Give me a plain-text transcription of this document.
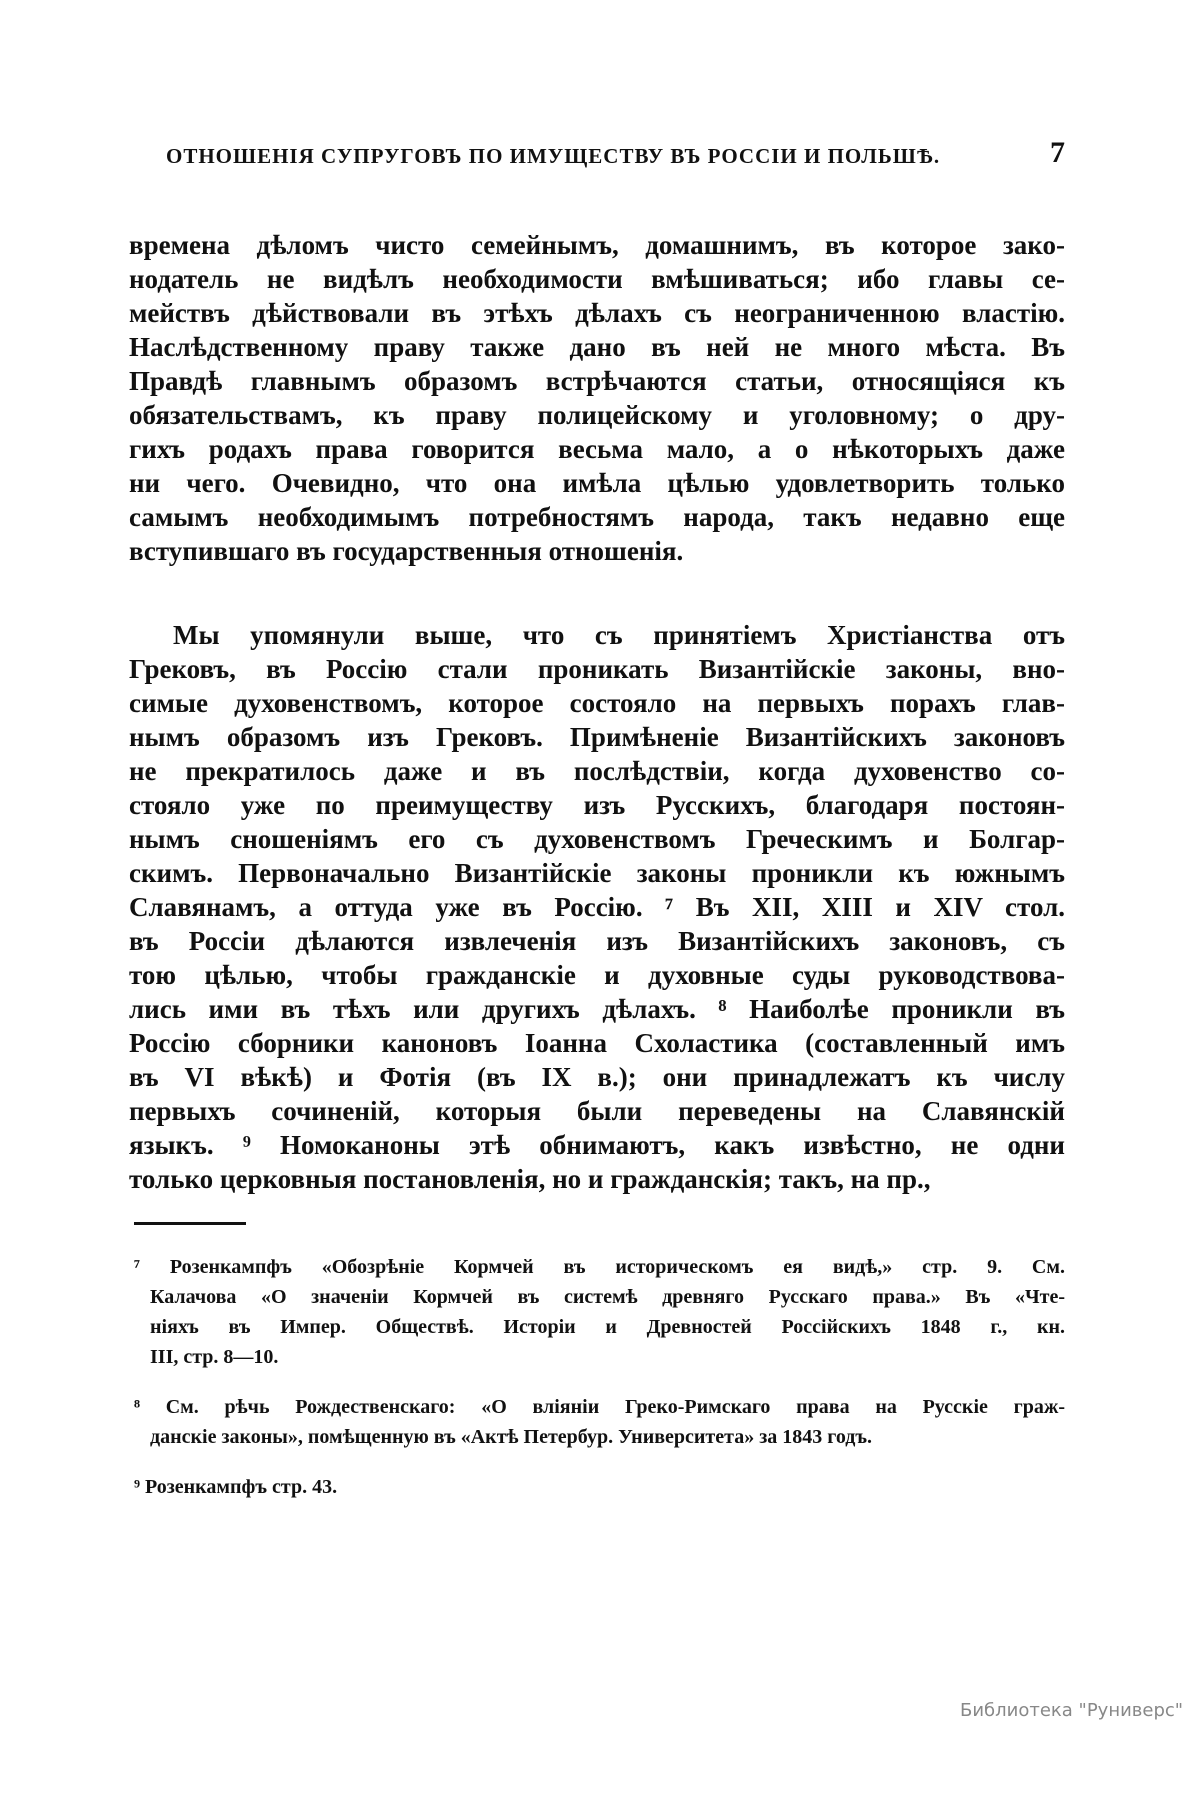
ОТНОШЕНІЯ СУПРУГОВЪ ПО ИМУЩЕСТВУ ВЪ РОССІИ И ПОЛЬШѢ.	7
времена дѣломъ чисто семейнымъ, домашнимъ, въ которое зако-
нодатель не видѣлъ необходимости вмѣшиваться; ибо главы се-
мействъ дѣйствовали въ этѣхъ дѣлахъ съ неограниченною властію.
Наслѣдственному праву также дано въ ней не много мѣста. Въ
Правдѣ главнымъ образомъ встрѣчаются статьи, относящіяся къ
обязательствамъ, къ праву полицейскому и уголовному; о дру-
гихъ родахъ права говорится весьма мало, а о нѣкоторыхъ даже
ни чего. Очевидно, что она имѣла цѣлью удовлетворить только
самымъ необходимымъ потребностямъ народа, такъ недавно еще
вступившаго въ государственныя отношенія.
Мы упомянули выше, что съ принятіемъ Христіанства отъ
Грековъ, въ Россію стали проникать Византійскіе законы, вно-
симые духовенствомъ, которое состояло на первыхъ порахъ глав-
нымъ образомъ изъ Грековъ. Примѣненіе Византійскихъ законовъ
не прекратилось даже и въ послѣдствіи, когда духовенство со-
стояло уже по преимуществу изъ Русскихъ, благодаря постоян-
нымъ сношеніямъ его съ духовенствомъ Греческимъ и Болгар-
скимъ. Первоначально Византійскіе законы проникли къ южнымъ
Славянамъ, а оттуда уже въ Россію. ⁷ Въ XII, XIII и XIV стол.
въ Россіи дѣлаются извлеченія изъ Византійскихъ законовъ, съ
тою цѣлью, чтобы гражданскіе и духовные суды руководствова-
лись ими въ тѣхъ или другихъ дѣлахъ. ⁸ Наиболѣе проникли въ
Россію сборники каноновъ Іоанна Схоластика (составленный имъ
въ VI вѣкѣ) и Фотія (въ IX в.); они принадлежатъ къ числу
первыхъ сочиненій, которыя были переведены на Славянскій
языкъ. ⁹ Номоканоны этѣ обнимаютъ, какъ извѣстно, не одни
только церковныя постановленія, но и гражданскія; такъ, на пр.,
⁷ Розенкампфъ «Обозрѣніе Кормчей въ историческомъ ея видѣ,» стр. 9. См.
Калачова «О значеніи Кормчей въ системѣ древняго Русскаго права.» Въ «Чте-
ніяхъ въ Импер. Обществѣ. Исторіи и Древностей Россійскихъ 1848 г., кн.
III, стр. 8—10.
⁸ См. рѣчь Рождественскаго: «О вліяніи Греко-Римскаго права на Русскіе граж-
данскіе законы», помѣщенную въ «Актѣ Петербур. Университета» за 1843 годъ.
⁹ Розенкампфъ стр. 43.
Библиотека "Руниверс"
